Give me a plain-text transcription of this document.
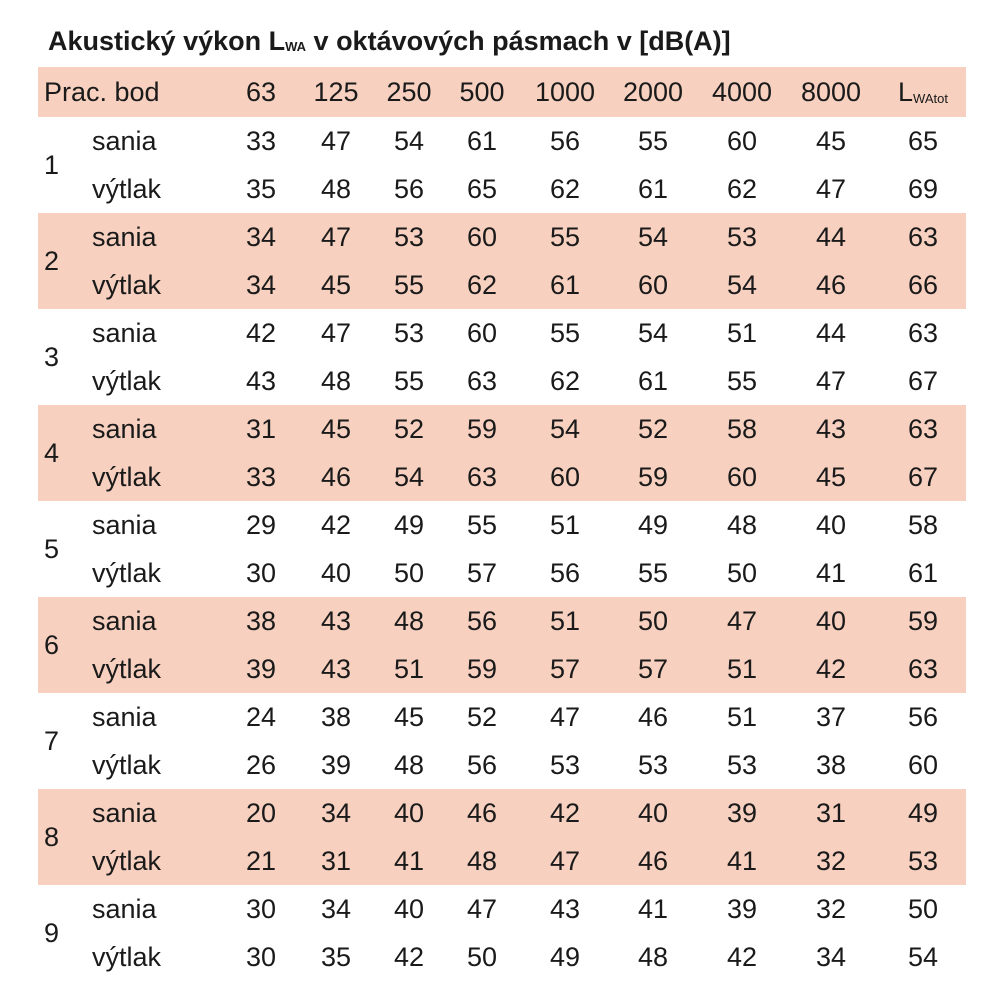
Akustický výkon LWA v oktávových pásmach v [dB(A)]
Prac. bod	63	125	250	500	1000 2000 4000 8000 LWAtot
1
sania	33	47	54	61	56	55	60	45	65
výtlak	35	48	56	65	62	61	62	47	69
2
sania	34	47	53	60	55	54	53	44	63
výtlak	34	45	55	62	61	60	54	46	66
3
sania	42	47	53	60	55	54	51	44	63
výtlak	43	48	55	63	62	61	55	47	67
4
sania	31	45	52	59	54	52	58	43	63
výtlak	33	46	54	63	60	59	60	45	67
5
sania	29	42	49	55	51	49	48	40	58
výtlak	30	40	50	57	56	55	50	41	61
6
sania	38	43	48	56	51	50	47	40	59
výtlak	39	43	51	59	57	57	51	42	63
7
sania	24	38	45	52	47	46	51	37	56
výtlak	26	39	48	56	53	53	53	38	60
8
sania	20	34	40	46	42	40	39	31	49
výtlak	21	31	41	48	47	46	41	32	53
9
sania	30	34	40	47	43	41	39	32	50
výtlak	30	35	42	50	49	48	42	34	54
